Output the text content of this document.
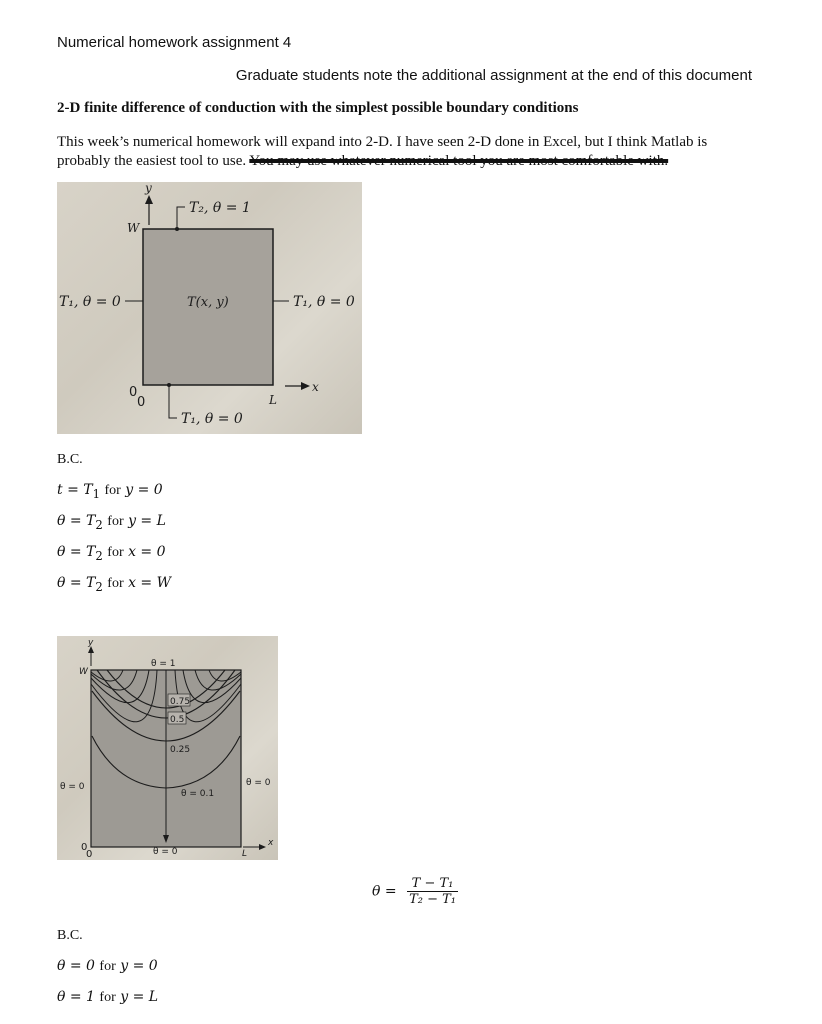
Numerical homework assignment 4
Graduate students note the additional assignment at the end of this document
2-D finite difference of conduction with the simplest possible boundary conditions
This week’s numerical homework will expand into 2-D. I have seen 2-D done in Excel, but I think Matlab is probably the easiest tool to use. You may use whatever numerical tool you are most comfortable with.
y
W
T₂, θ = 1
T₁, θ = 0	T(x, y)	T₁, θ = 0
L
x
T₁, θ = 0
0
0
B.C.
$t = T_1$ for y = 0
$\theta = T_2$ for y = L
$\theta = T_2$ for x = 0
$\theta = T_2$ for x = W
y
W
θ = 1
0.75
0.5
0.25
θ = 0.1
θ = 0	θ = 0
θ = 0	L
x
0
0
$\theta = \frac{\text{T − T₁}}{\text{T₂ − T₁}}$
B.C.
θ = 0 for y = 0
θ = 1 for y = L
